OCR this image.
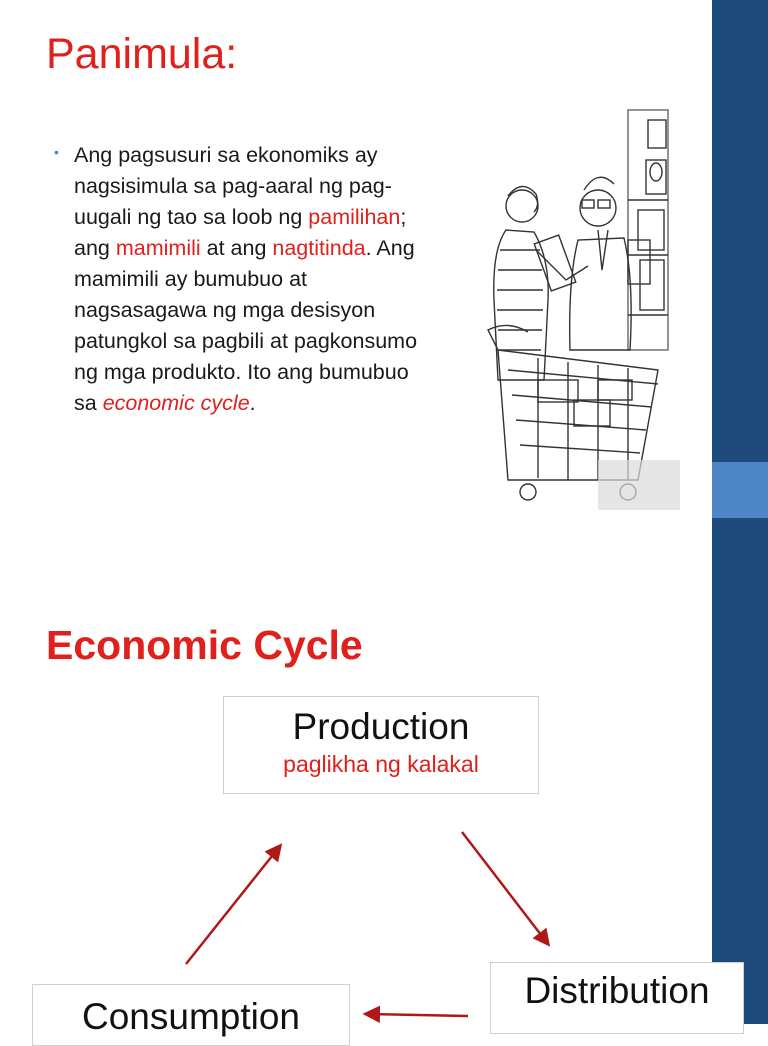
Panimula:
• Ang pagsusuri sa ekonomiks ay nagsisimula sa pag-aaral ng pag-uugali ng tao sa loob ng pamilihan; ang mamimili at ang nagtitinda. Ang mamimili ay bumubuo at nagsasagawa ng mga desisyon patungkol sa pagbili at pagkonsumo ng mga produkto. Ito ang bumubuo sa economic cycle.

Economic Cycle
Production
paglikha ng kalakal
Distribution
Consumption
